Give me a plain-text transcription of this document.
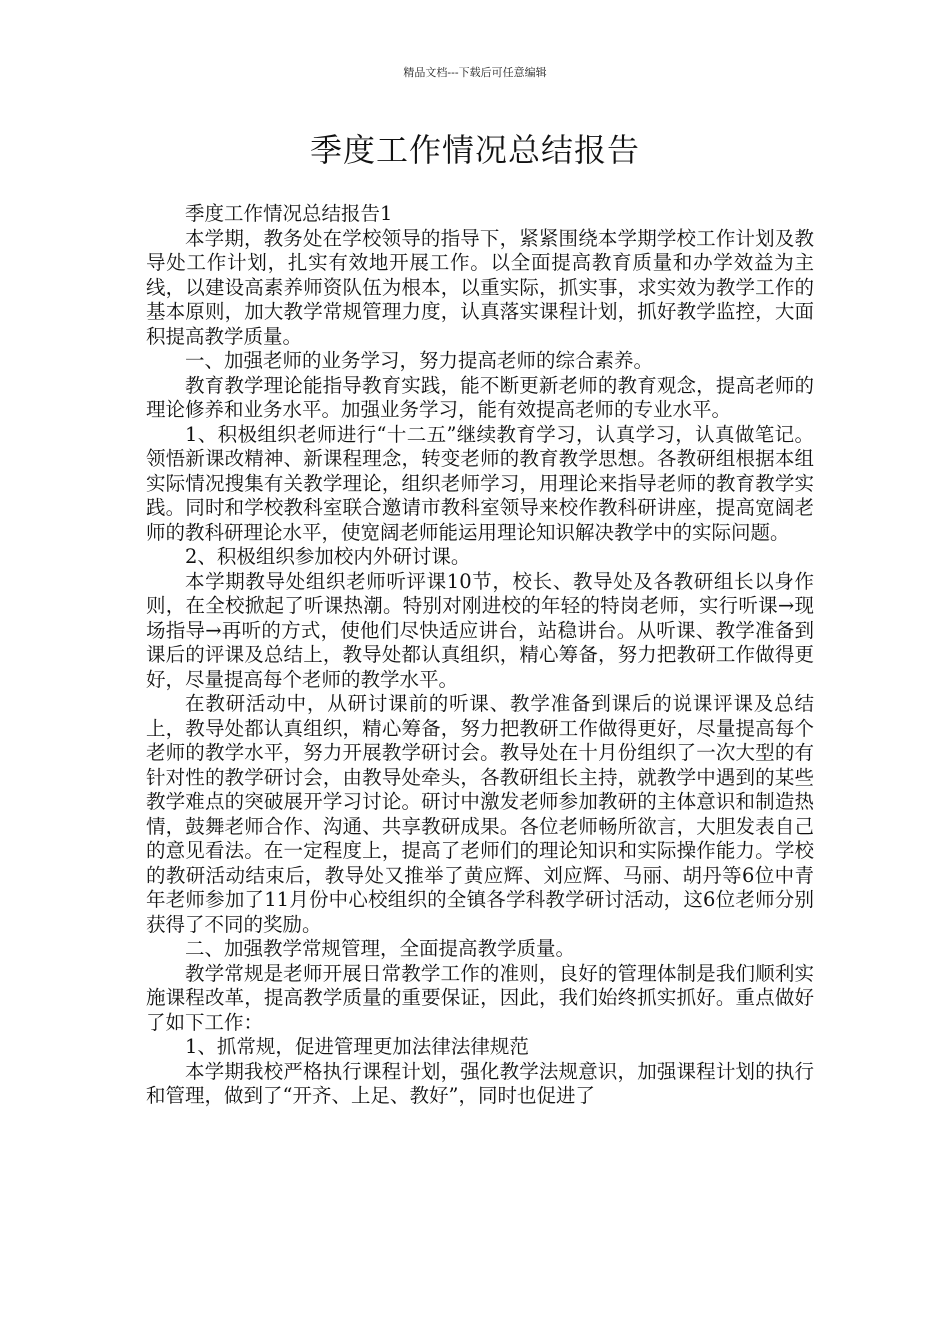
精品文档---下载后可任意编辑
季度工作情况总结报告

季度工作情况总结报告1

本学期，教务处在学校领导的指导下，紧紧围绕本学期学校工作计划及教导处工作计划，扎实有效地开展工作。以全面提高教育质量和办学效益为主线，以建设高素养师资队伍为根本，以重实际，抓实事，求实效为教学工作的基本原则，加大教学常规管理力度，认真落实课程计划，抓好教学监控，大面积提高教学质量。

一、加强老师的业务学习，努力提高老师的综合素养。

教育教学理论能指导教育实践，能不断更新老师的教育观念，提高老师的理论修养和业务水平。加强业务学习，能有效提高老师的专业水平。

1、积极组织老师进行“十二五”继续教育学习，认真学习，认真做笔记。领悟新课改精神、新课程理念，转变老师的教育教学思想。各教研组根据本组实际情况搜集有关教学理论，组织老师学习，用理论来指导老师的教育教学实践。同时和学校教科室联合邀请市教科室领导来校作教科研讲座，提高宽阔老师的教科研理论水平，使宽阔老师能运用理论知识解决教学中的实际问题。

2、积极组织参加校内外研讨课。

本学期教导处组织老师听评课10节，校长、教导处及各教研组长以身作则，在全校掀起了听课热潮。特别对刚进校的年轻的特岗老师，实行听课→现场指导→再听的方式，使他们尽快适应讲台，站稳讲台。从听课、教学准备到课后的评课及总结上，教导处都认真组织，精心筹备，努力把教研工作做得更好，尽量提高每个老师的教学水平。

在教研活动中，从研讨课前的听课、教学准备到课后的说课评课及总结上，教导处都认真组织，精心筹备，努力把教研工作做得更好，尽量提高每个老师的教学水平，努力开展教学研讨会。教导处在十月份组织了一次大型的有针对性的教学研讨会，由教导处牵头，各教研组长主持，就教学中遇到的某些教学难点的突破展开学习讨论。研讨中激发老师参加教研的主体意识和制造热情，鼓舞老师合作、沟通、共享教研成果。各位老师畅所欲言，大胆发表自己的意见看法。在一定程度上，提高了老师们的理论知识和实际操作能力。学校的教研活动结束后，教导处又推举了黄应辉、刘应辉、马丽、胡丹等6位中青年老师参加了11月份中心校组织的全镇各学科教学研讨活动，这6位老师分别获得了不同的奖励。

二、加强教学常规管理，全面提高教学质量。

教学常规是老师开展日常教学工作的准则，良好的管理体制是我们顺利实施课程改革，提高教学质量的重要保证，因此，我们始终抓实抓好。重点做好了如下工作：

1、抓常规，促进管理更加法律法律规范

本学期我校严格执行课程计划，强化教学法规意识，加强课程计划的执行和管理，做到了“开齐、上足、教好”，同时也促进了
